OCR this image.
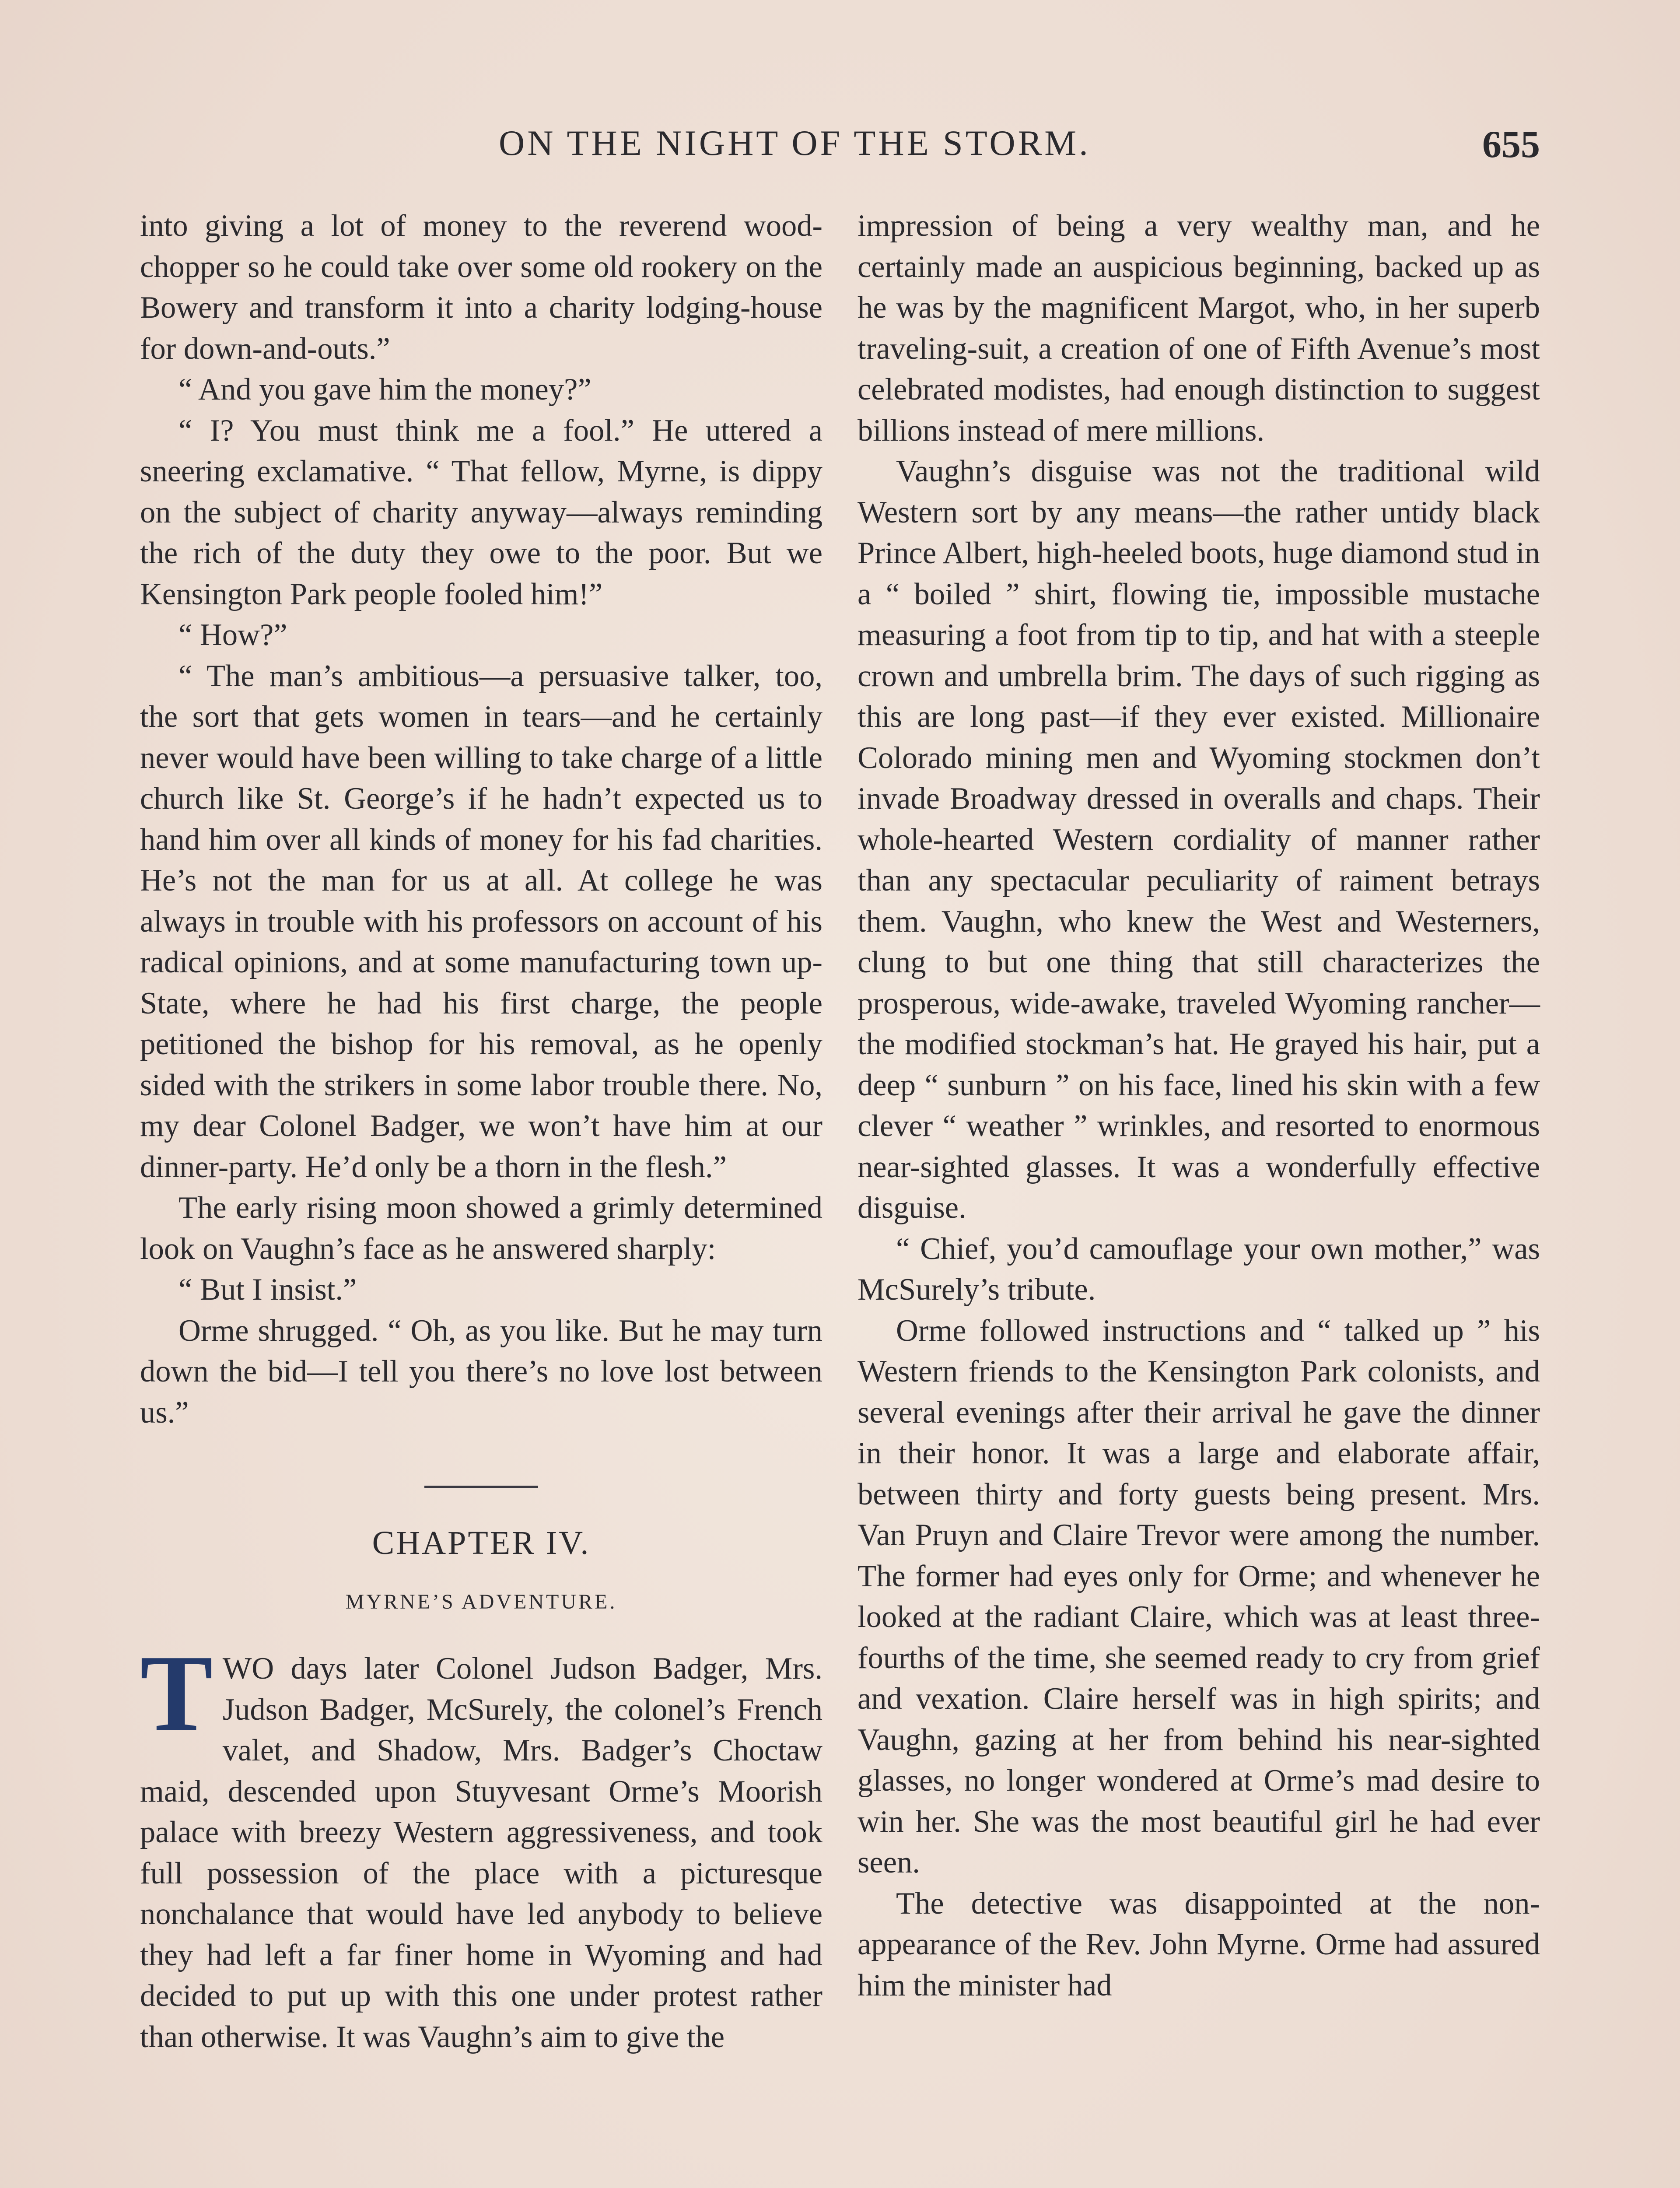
ON THE NIGHT OF THE STORM.	655

into giving a lot of money to the reverend wood-chopper so he could take over some old rookery on the Bowery and transform it into a charity lodging-house for down-and-outs.”

“ And you gave him the money?”

“ I? You must think me a fool.” He uttered a sneering exclamative. “ That fellow, Myrne, is dippy on the subject of charity anyway—always reminding the rich of the duty they owe to the poor. But we Kensington Park people fooled him!”

“ How?”

“ The man’s ambitious—a persuasive talker, too, the sort that gets women in tears—and he certainly never would have been willing to take charge of a little church like St. George’s if he hadn’t expected us to hand him over all kinds of money for his fad charities. He’s not the man for us at all. At college he was always in trouble with his professors on account of his radical opinions, and at some manufacturing town up-State, where he had his first charge, the people petitioned the bishop for his removal, as he openly sided with the strikers in some labor trouble there. No, my dear Colonel Badger, we won’t have him at our dinner-party. He’d only be a thorn in the flesh.”

The early rising moon showed a grimly determined look on Vaughn’s face as he answered sharply:

“ But I insist.”

Orme shrugged. “ Oh, as you like. But he may turn down the bid—I tell you there’s no love lost between us.”

CHAPTER IV.
MYRNE’S ADVENTURE.

TWO days later Colonel Judson Badger, Mrs. Judson Badger, McSurely, the colonel’s French valet, and Shadow, Mrs. Badger’s Choctaw maid, descended upon Stuyvesant Orme’s Moorish palace with breezy Western aggressiveness, and took full possession of the place with a picturesque nonchalance that would have led anybody to believe they had left a far finer home in Wyoming and had decided to put up with this one under protest rather than otherwise. It was Vaughn’s aim to give the

impression of being a very wealthy man, and he certainly made an auspicious beginning, backed up as he was by the magnificent Margot, who, in her superb traveling-suit, a creation of one of Fifth Avenue’s most celebrated modistes, had enough distinction to suggest billions instead of mere millions.

Vaughn’s disguise was not the traditional wild Western sort by any means—the rather untidy black Prince Albert, high-heeled boots, huge diamond stud in a “ boiled ” shirt, flowing tie, impossible mustache measuring a foot from tip to tip, and hat with a steeple crown and umbrella brim. The days of such rigging as this are long past—if they ever existed. Millionaire Colorado mining men and Wyoming stockmen don’t invade Broadway dressed in overalls and chaps. Their whole-hearted Western cordiality of manner rather than any spectacular peculiarity of raiment betrays them. Vaughn, who knew the West and Westerners, clung to but one thing that still characterizes the prosperous, wide-awake, traveled Wyoming rancher—the modified stockman’s hat. He grayed his hair, put a deep “ sunburn ” on his face, lined his skin with a few clever “ weather ” wrinkles, and resorted to enormous near-sighted glasses. It was a wonderfully effective disguise.

“ Chief, you’d camouflage your own mother,” was McSurely’s tribute.

Orme followed instructions and “ talked up ” his Western friends to the Kensington Park colonists, and several evenings after their arrival he gave the dinner in their honor. It was a large and elaborate affair, between thirty and forty guests being present. Mrs. Van Pruyn and Claire Trevor were among the number. The former had eyes only for Orme; and whenever he looked at the radiant Claire, which was at least three-fourths of the time, she seemed ready to cry from grief and vexation. Claire herself was in high spirits; and Vaughn, gazing at her from behind his near-sighted glasses, no longer wondered at Orme’s mad desire to win her. She was the most beautiful girl he had ever seen.

The detective was disappointed at the non-appearance of the Rev. John Myrne. Orme had assured him the minister had
